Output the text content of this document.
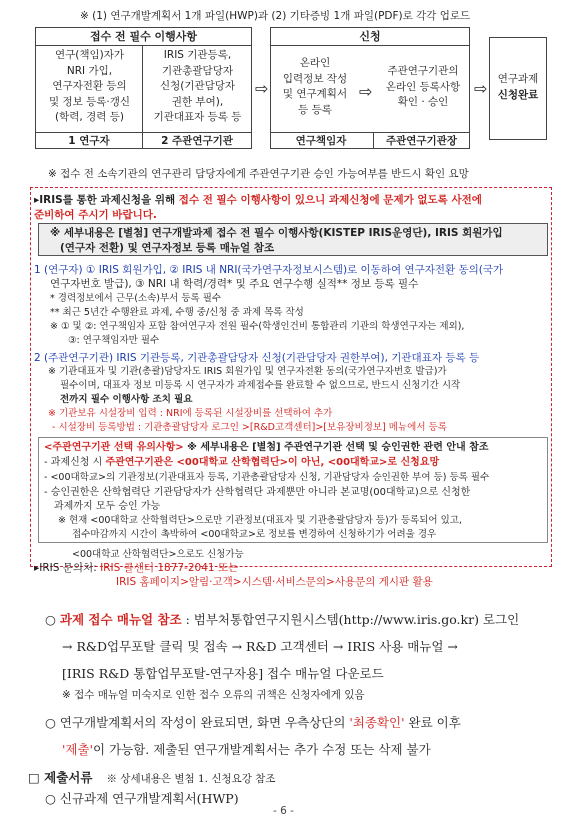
※ (1) 연구개발계획서 1개 파일(HWP)과 (2) 기타증빙 1개 파일(PDF)로 각각 업로드
접수 전 필수 이행사항
연구(책임)자가
NRI 가입,
연구자전환 등의
및 정보 등록·갱신
(학력, 경력 등)
IRIS 기관등록,
기관총괄담당자
신청(기관담당자
권한 부여),
기관대표자 등록 등
1 연구자	2 주관연구기관
⇨
신청
온라인
입력정보 작성
및 연구계획서
등 등록
⇨
주관연구기관의
온라인 등록사항
확인 · 승인
연구책임자	주관연구기관장
⇨ 연구과제
신청완료
※ 접수 전 소속기관의 연구관리 담당자에게 주관연구기관 승인 가능여부를 반드시 확인 요망
▸IRIS를 통한 과제신청을 위해 접수 전 필수 이행사항이 있으니 과제신청에 문제가 없도록 사전에
준비하여 주시기 바랍니다.
※ 세부내용은 [별첨] 연구개발과제 접수 전 필수 이행사항(KISTEP IRIS운영단), IRIS 회원가입
(연구자 전환) 및 연구자정보 등록 매뉴얼 참조
1 (연구자) ① IRIS 회원가입, ② IRIS 내 NRI(국가연구자정보시스템)로 이동하여 연구자전환 동의(국가
연구자번호 발급), ③ NRI 내 학력/경력* 및 주요 연구수행 실적** 정보 등록 필수
* 경력정보에서 근무(소속)부서 등록 필수
** 최근 5년간 수행완료 과제, 수행 중/신청 중 과제 목록 작성
※ ① 및 ②: 연구책임자 포함 참여연구자 전원 필수(학생인건비 통합관리 기관의 학생연구자는 제외),
③: 연구책임자만 필수
2 (주관연구기관) IRIS 기관등록, 기관총괄담당자 신청(기관담당자 권한부여), 기관대표자 등록 등
※ 기관대표자 및 기관(총괄)담당자도 IRIS 회원가입 및 연구자전환 동의(국가연구자번호 발급)가
필수이며, 대표자 정보 미등록 시 연구자가 과제접수를 완료할 수 없으므로, 반드시 신청기간 시작
전까지 필수 이행사항 조치 필요
※ 기관보유 시설장비 입력 : NRI에 등록된 시설장비를 선택하여 추가
- 시설장비 등록방법 : 기관총괄담당자 로그인 >[R&D고객센터]>[보유장비정보] 메뉴에서 등록
<주관연구기관 선택 유의사항> ※ 세부내용은 [별첨] 주관연구기관 선택 및 승인권한 관련 안내 참조
- 과제신청 시 주관연구기관은 <00대학교 산학협력단>이 아닌, <00대학교>로 신청요망
- <00대학교>의 기관정보(기관대표자 등록, 기관총괄담당자 신청, 기관담당자 승인권한 부여 등) 등록 필수
- 승인권한은 산학협력단 기관담당자가 산학협력단 과제뿐만 아니라 본교명(00대학교)으로 신청한
과제까지 모두 승인 가능
※ 현재 <00대학교 산학협력단>으로만 기관정보(대표자 및 기관총괄담당자 등)가 등록되어 있고,
접수마감까지 시간이 촉박하여 <00대학교>로 정보를 변경하여 신청하기가 어려울 경우
<00대학교 산학협력단>으로도 신청가능
▸IRIS 문의처: IRIS 콜센터 1877-2041 또는
IRIS 홈페이지>알림·고객>시스템·서비스문의>사용문의 게시판 활용
○ 과제 접수 매뉴얼 참조 : 범부처통합연구지원시스템(http://www.iris.go.kr) 로그인
→ R&D업무포탈 클릭 및 접속 → R&D 고객센터 → IRIS 사용 매뉴얼 →
[IRIS R&D 통합업무포탈-연구자용] 접수 매뉴얼 다운로드
※ 접수 매뉴얼 미숙지로 인한 접수 오류의 귀책은 신청자에게 있음
○ 연구개발계획서의 작성이 완료되면, 화면 우측상단의 '최종확인' 완료 이후
'제출'이 가능함. 제출된 연구개발계획서는 추가 수정 또는 삭제 불가
□ 제출서류 ※ 상세내용은 별첨 1. 신청요강 참조
○ 신규과제 연구개발계획서(HWP)
- 6 -
